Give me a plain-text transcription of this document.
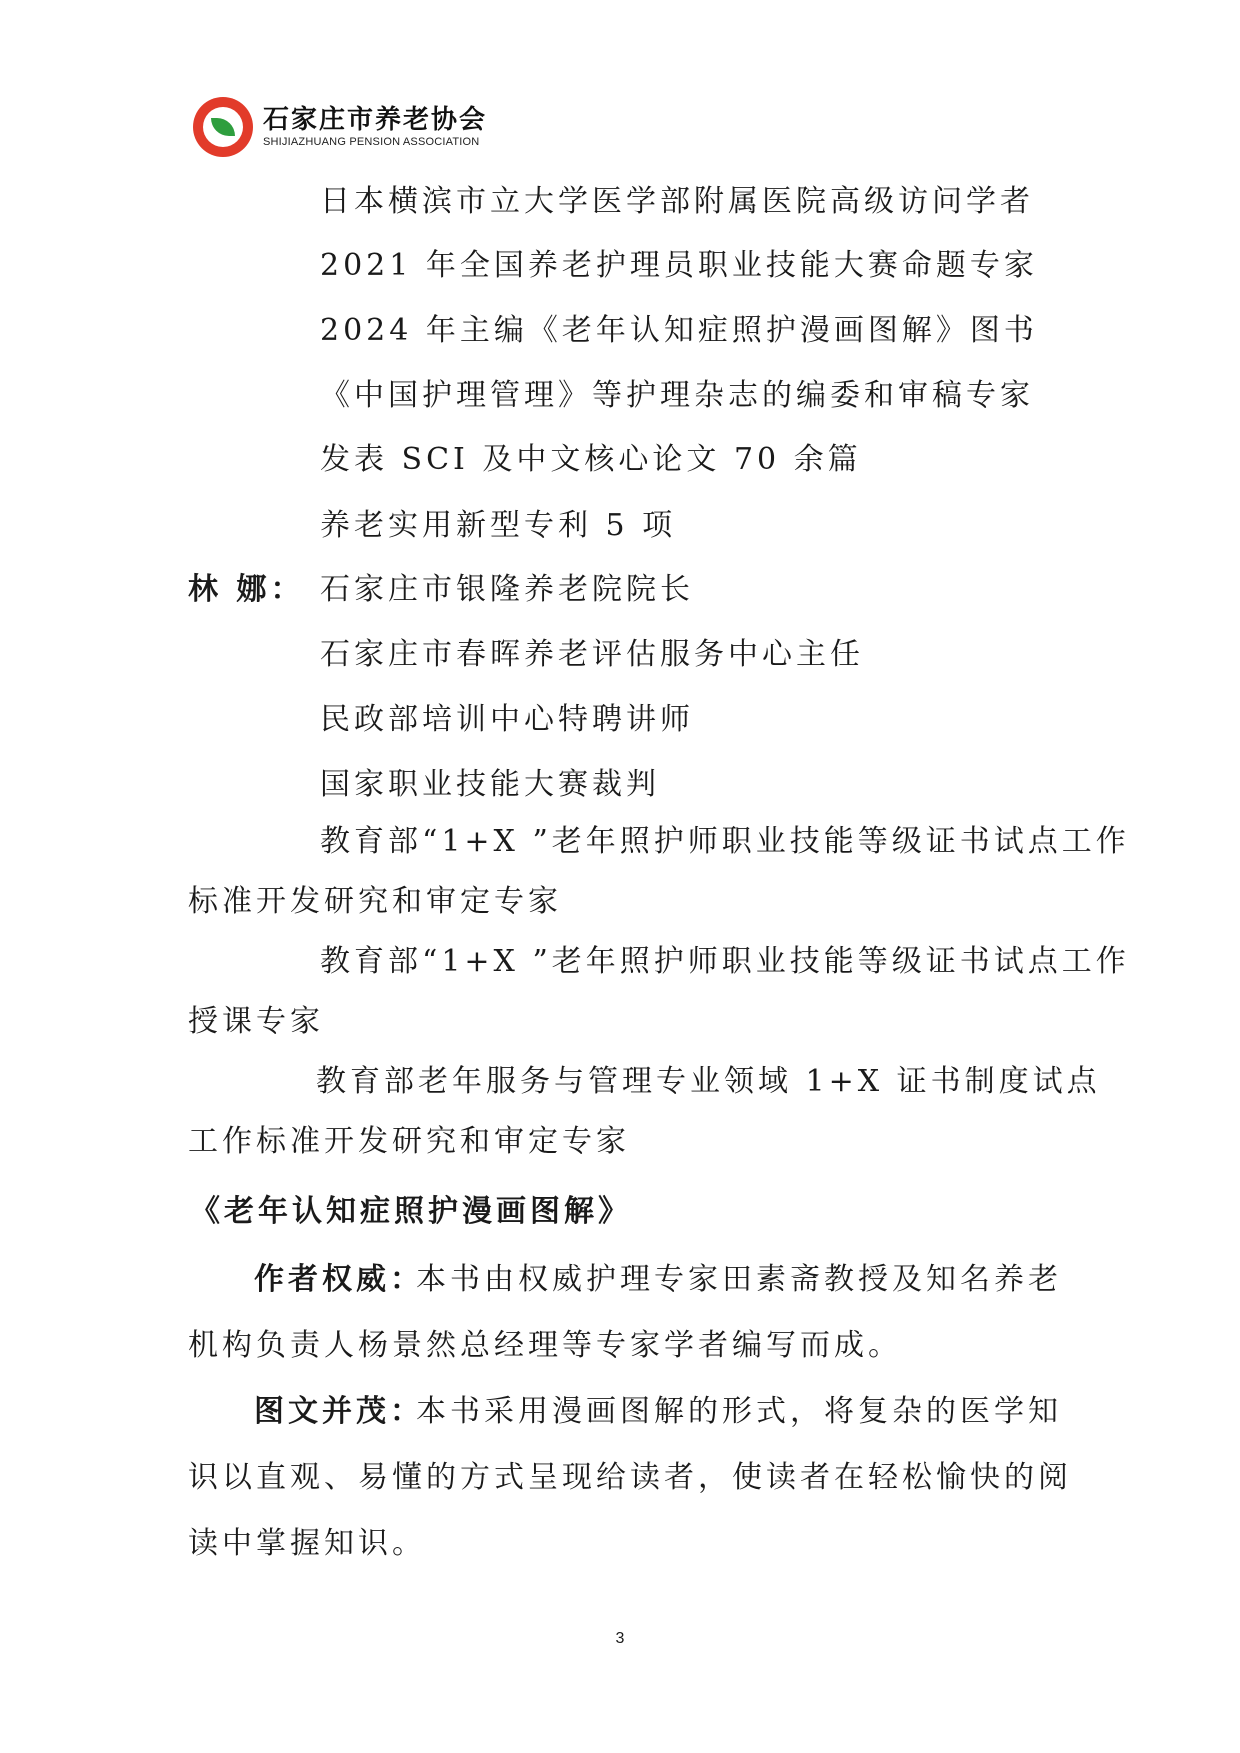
石家庄市养老协会
SHIJIAZHUANG PENSION ASSOCIATION
日本横滨市立大学医学部附属医院高级访问学者
2021 年全国养老护理员职业技能大赛命题专家
2024 年主编《老年认知症照护漫画图解》图书
《中国护理管理》等护理杂志的编委和审稿专家
发表 SCI 及中文核心论文 70 余篇
养老实用新型专利 5 项
林 娜： 石家庄市银隆养老院院长
石家庄市春晖养老评估服务中心主任
民政部培训中心特聘讲师
国家职业技能大赛裁判
教育部“1+X ”老年照护师职业技能等级证书试点工作
标准开发研究和审定专家
教育部“1+X ”老年照护师职业技能等级证书试点工作
授课专家
教育部老年服务与管理专业领域 1+X 证书制度试点
工作标准开发研究和审定专家
《老年认知症照护漫画图解》
作者权威：
本书由权威护理专家田素斋教授及知名养老
机构负责人杨景然总经理等专家学者编写而成。
图文并茂：
本书采用漫画图解的形式，将复杂的医学知
识以直观、易懂的方式呈现给读者，使读者在轻松愉快的阅
读中掌握知识。
3
